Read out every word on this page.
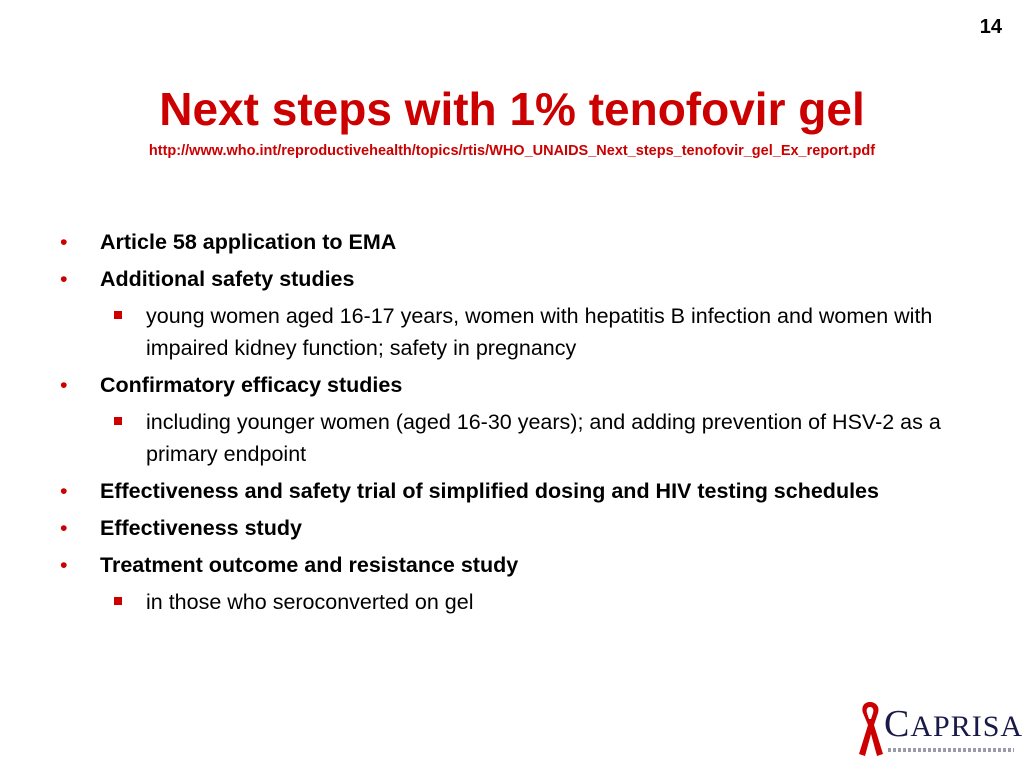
14
Next steps with 1% tenofovir gel
http://www.who.int/reproductivehealth/topics/rtis/WHO_UNAIDS_Next_steps_tenofovir_gel_Ex_report.pdf
• Article 58 application to EMA
• Additional safety studies
young women aged 16-17 years, women with hepatitis B infection and women with impaired kidney function; safety in pregnancy
• Confirmatory efficacy studies
including younger women (aged 16-30 years); and adding prevention of HSV-2 as a primary endpoint
• Effectiveness and safety trial of simplified dosing and HIV testing schedules
• Effectiveness study
• Treatment outcome and resistance study
in those who seroconverted on gel
CAPRISA
